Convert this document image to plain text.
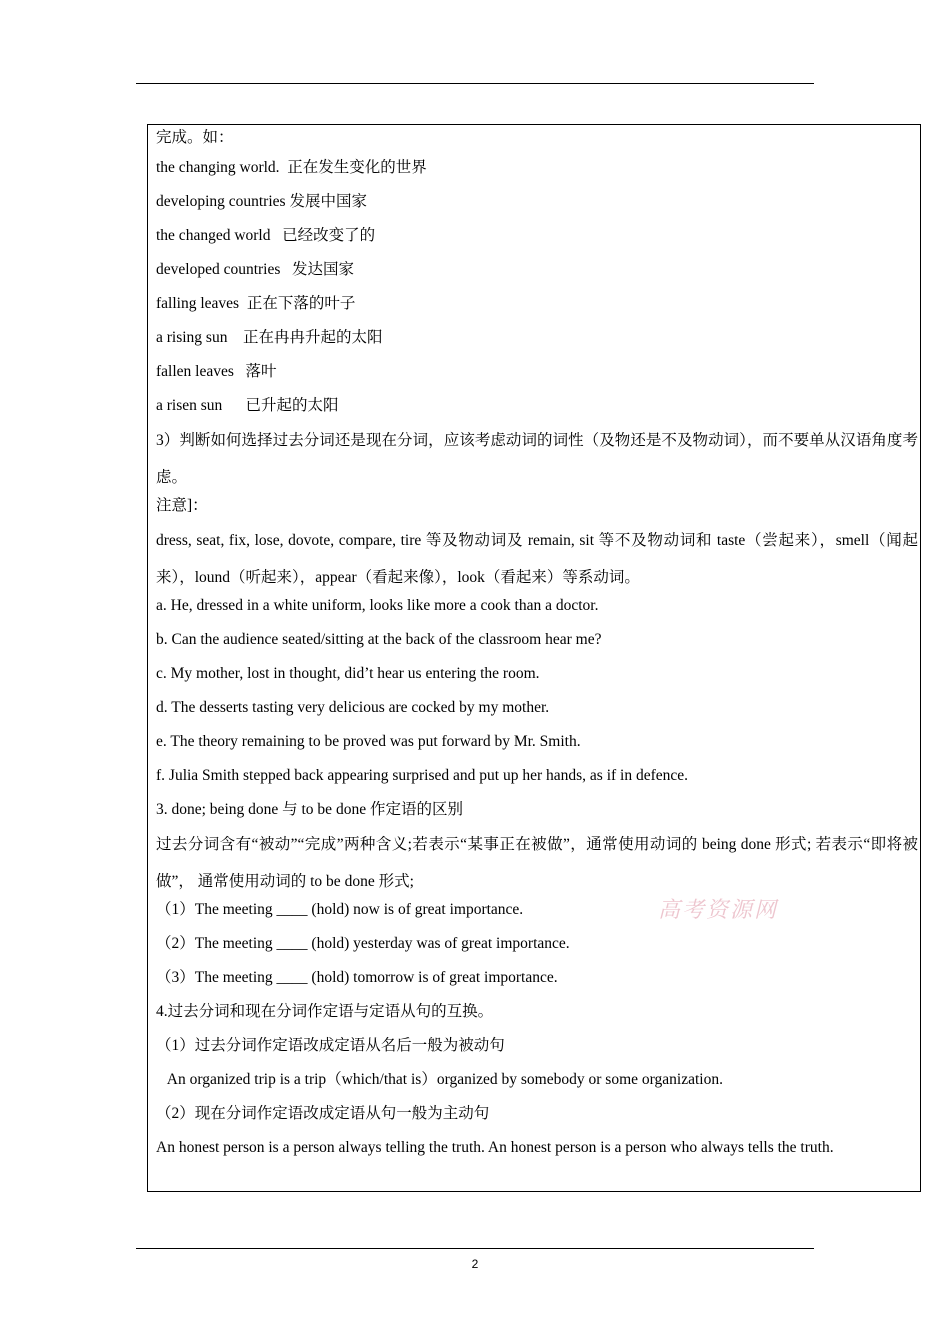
完成。如：
the changing world.  正在发生变化的世界
developing countries 发展中国家
the changed world   已经改变了的
developed countries   发达国家
falling leaves  正在下落的叶子
a rising sun    正在冉冉升起的太阳
fallen leaves   落叶
a risen sun      已升起的太阳
3）判断如何选择过去分词还是现在分词，应该考虑动词的词性（及物还是不及物动词），而不要单从汉语角度考虑。
注意]：
dress, seat, fix, lose, dovote, compare, tire 等及物动词及 remain, sit 等不及物动词和 taste（尝起来），smell（闻起来），lound（听起来），appear（看起来像），look（看起来）等系动词。
a. He, dressed in a white uniform, looks like more a cook than a doctor.
b. Can the audience seated/sitting at the back of the classroom hear me?
c. My mother, lost in thought, did’t hear us entering the room.
d. The desserts tasting very delicious are cocked by my mother.
e. The theory remaining to be proved was put forward by Mr. Smith.
f. Julia Smith stepped back appearing surprised and put up her hands, as if in defence.
3. done; being done 与 to be done 作定语的区别
过去分词含有“被动”“完成”两种含义;若表示“某事正在被做”，通常使用动词的 being done 形式; 若表示“即将被做”， 通常使用动词的 to be done 形式;
（1）The meeting ____ (hold) now is of great importance.
（2）The meeting ____ (hold) yesterday was of great importance.
（3）The meeting ____ (hold) tomorrow is of great importance.
4.过去分词和现在分词作定语与定语从句的互换。
（1）过去分词作定语改成定语从名后一般为被动句
An organized trip is a trip（which/that is）organized by somebody or some organization.
（2）现在分词作定语改成定语从句一般为主动句
An honest person is a person always telling the truth. An honest person is a person who always tells the truth.
高考资源网
2
